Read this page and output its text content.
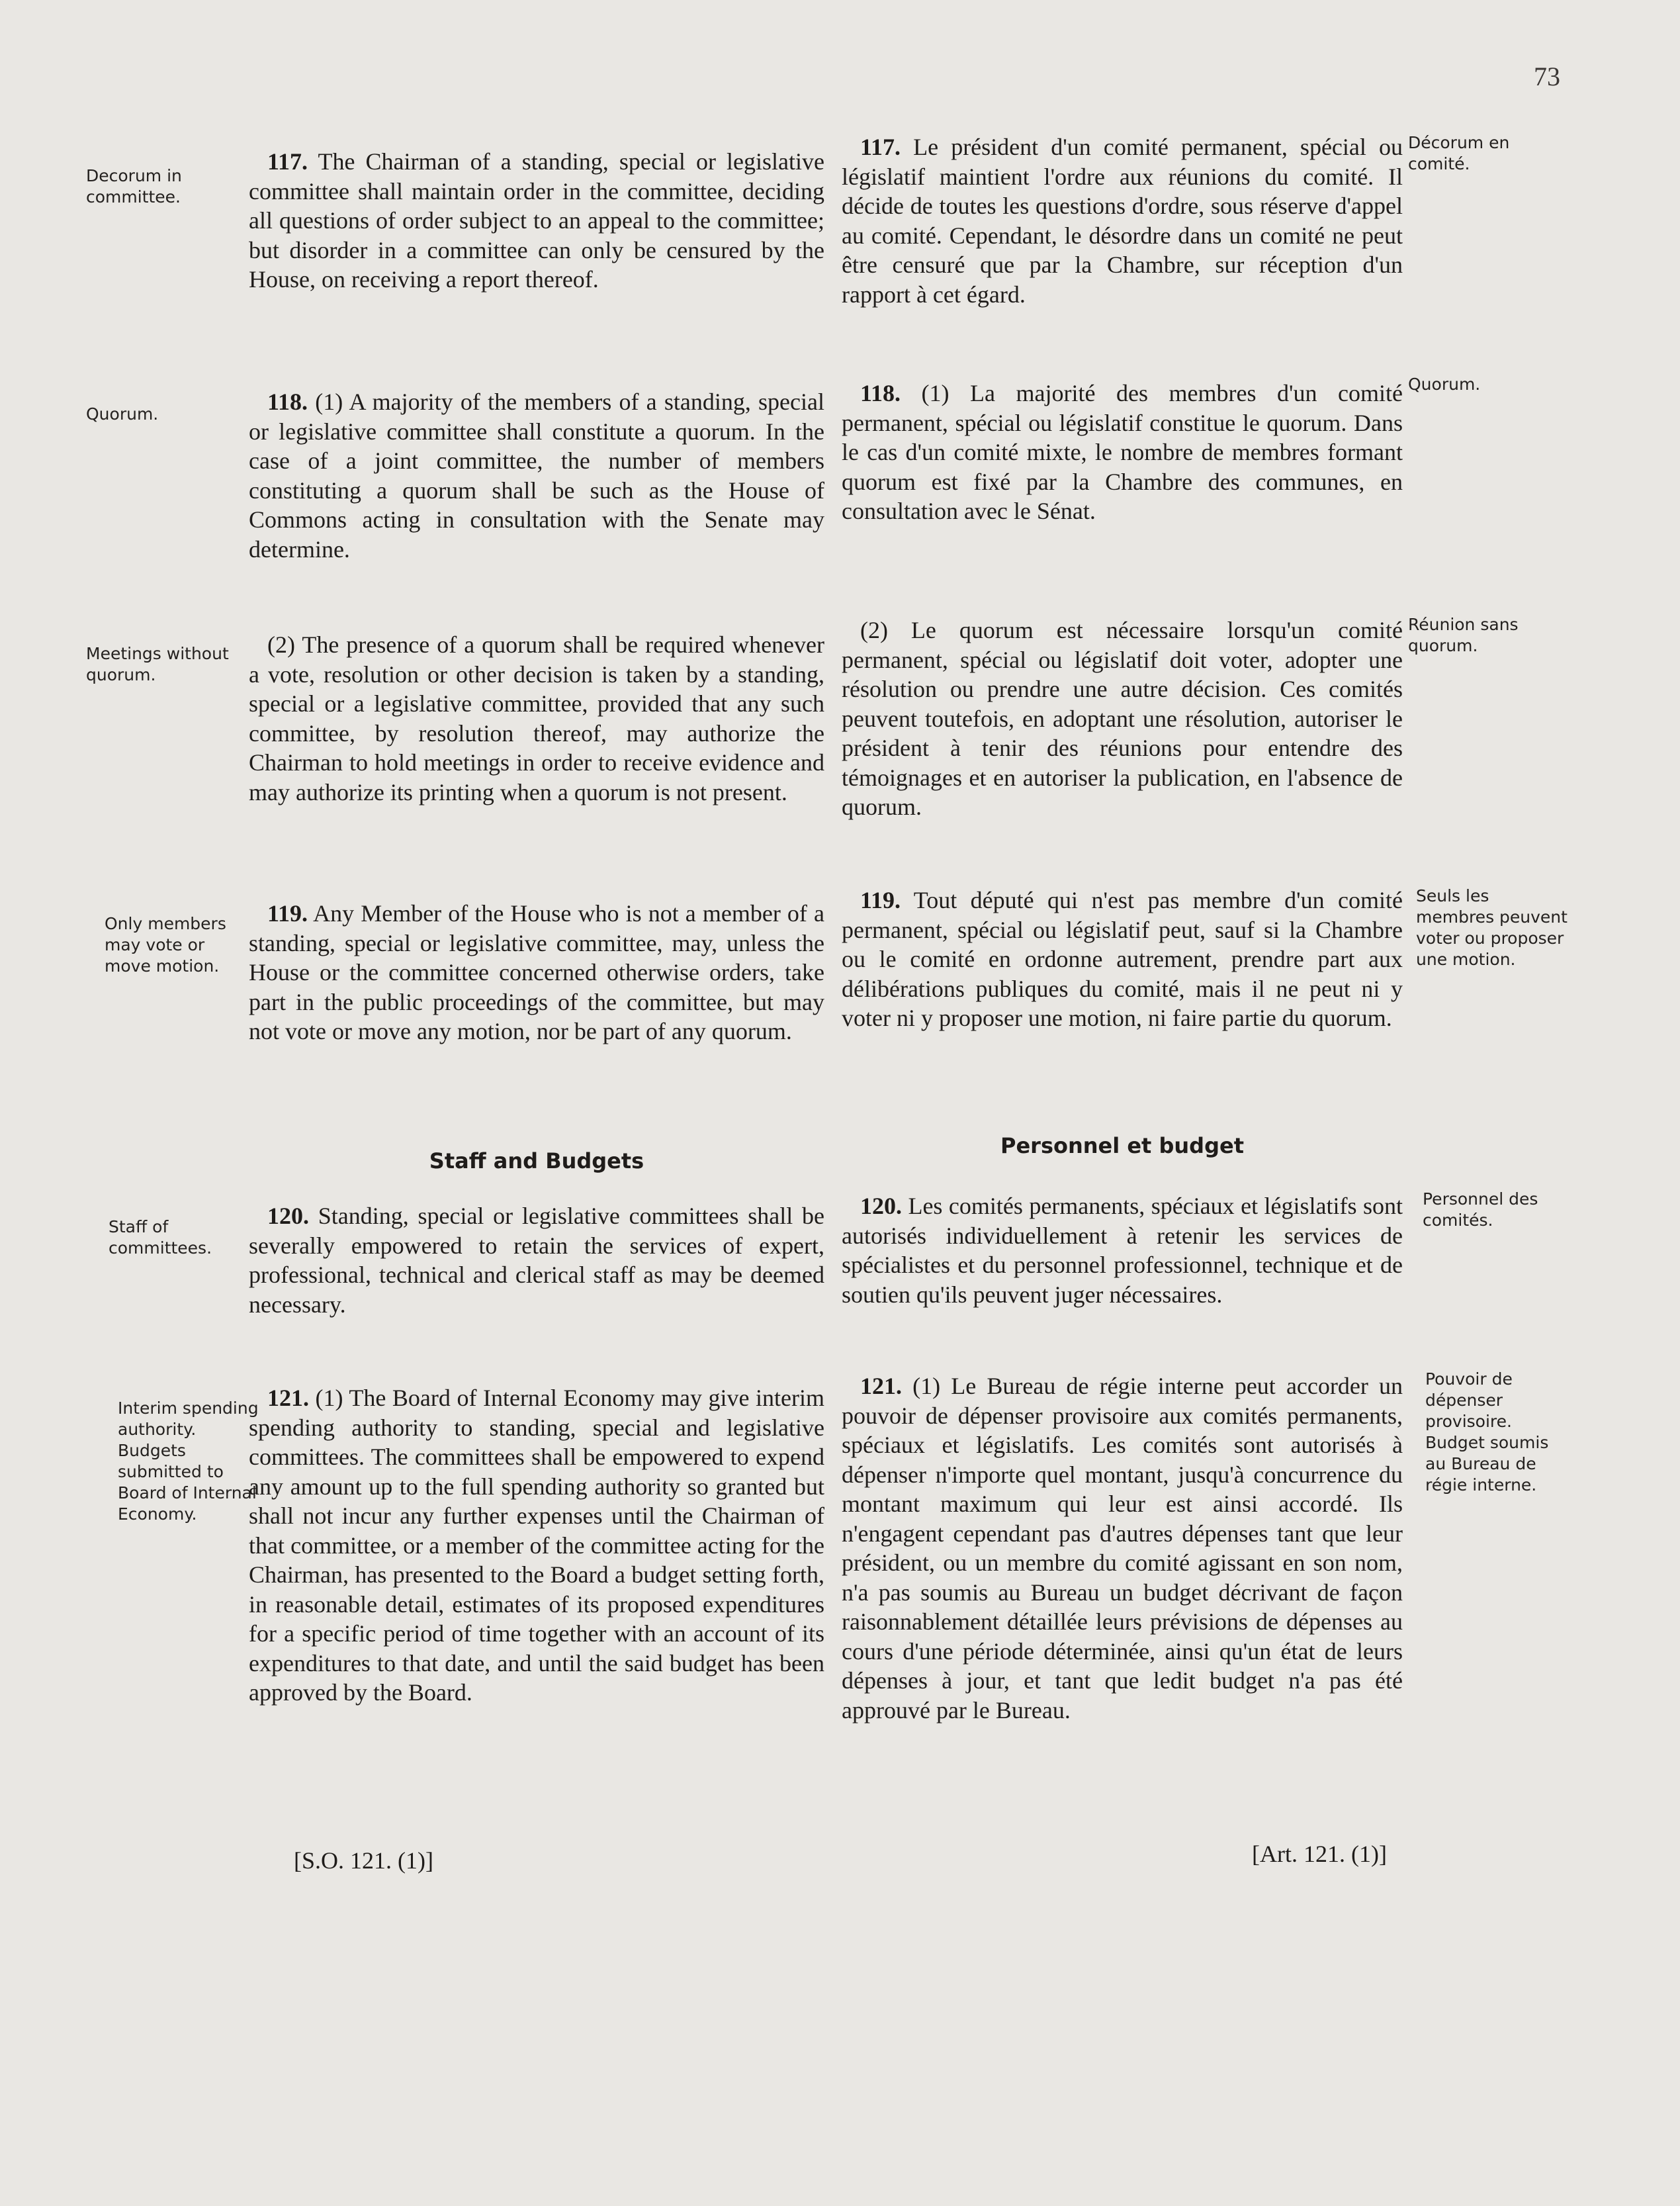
73
Decorum in committee.
Quorum.
Meetings without quorum.
Only members may vote or move motion.
Staff of committees.
Interim spending authority. Budgets submitted to Board of Internal Economy.

117. The Chairman of a standing, special or legislative committee shall maintain order in the committee, deciding all questions of order subject to an appeal to the committee; but disorder in a committee can only be censured by the House, on receiving a report thereof.

118. (1) A majority of the members of a standing, special or legislative committee shall constitute a quorum. In the case of a joint committee, the number of members constituting a quorum shall be such as the House of Commons acting in consultation with the Senate may determine.

(2) The presence of a quorum shall be required whenever a vote, resolution or other decision is taken by a standing, special or a legislative committee, provided that any such committee, by resolution thereof, may authorize the Chairman to hold meetings in order to receive evidence and may authorize its printing when a quorum is not present.

119. Any Member of the House who is not a member of a standing, special or legislative committee, may, unless the House or the committee concerned otherwise orders, take part in the public proceedings of the committee, but may not vote or move any motion, nor be part of any quorum.

Staff and Budgets

120. Standing, special or legislative committees shall be severally empowered to retain the services of expert, professional, technical and clerical staff as may be deemed necessary.

121. (1) The Board of Internal Economy may give interim spending authority to standing, special and legislative committees. The committees shall be empowered to expend any amount up to the full spending authority so granted but shall not incur any further expenses until the Chairman of that committee, or a member of the committee acting for the Chairman, has presented to the Board a budget setting forth, in reasonable detail, estimates of its proposed expenditures for a specific period of time together with an account of its expenditures to that date, and until the said budget has been approved by the Board.

[S.O. 121. (1)]

117. Le président d'un comité permanent, spécial ou législatif maintient l'ordre aux réunions du comité. Il décide de toutes les questions d'ordre, sous réserve d'appel au comité. Cependant, le désordre dans un comité ne peut être censuré que par la Chambre, sur réception d'un rapport à cet égard.

118. (1) La majorité des membres d'un comité permanent, spécial ou législatif constitue le quorum. Dans le cas d'un comité mixte, le nombre de membres formant quorum est fixé par la Chambre des communes, en consultation avec le Sénat.

(2) Le quorum est nécessaire lorsqu'un comité permanent, spécial ou législatif doit voter, adopter une résolution ou prendre une autre décision. Ces comités peuvent toutefois, en adoptant une résolution, autoriser le président à tenir des réunions pour entendre des témoignages et en autoriser la publication, en l'absence de quorum.

119. Tout député qui n'est pas membre d'un comité permanent, spécial ou législatif peut, sauf si la Chambre ou le comité en ordonne autrement, prendre part aux délibérations publiques du comité, mais il ne peut ni y voter ni y proposer une motion, ni faire partie du quorum.

Personnel et budget

120. Les comités permanents, spéciaux et législatifs sont autorisés individuellement à retenir les services de spécialistes et du personnel professionnel, technique et de soutien qu'ils peuvent juger nécessaires.

121. (1) Le Bureau de régie interne peut accorder un pouvoir de dépenser provisoire aux comités permanents, spéciaux et législatifs. Les comités sont autorisés à dépenser n'importe quel montant, jusqu'à concurrence du montant maximum qui leur est ainsi accordé. Ils n'engagent cependant pas d'autres dépenses tant que leur président, ou un membre du comité agissant en son nom, n'a pas soumis au Bureau un budget décrivant de façon raisonnablement détaillée leurs prévisions de dépenses au cours d'une période déterminée, ainsi qu'un état de leurs dépenses à jour, et tant que ledit budget n'a pas été approuvé par le Bureau.

[Art. 121. (1)]
Décorum en comité.
Quorum.
Réunion sans quorum.
Seuls les membres peuvent voter ou proposer une motion.
Personnel des comités.
Pouvoir de dépenser provisoire. Budget soumis au Bureau de régie interne.
